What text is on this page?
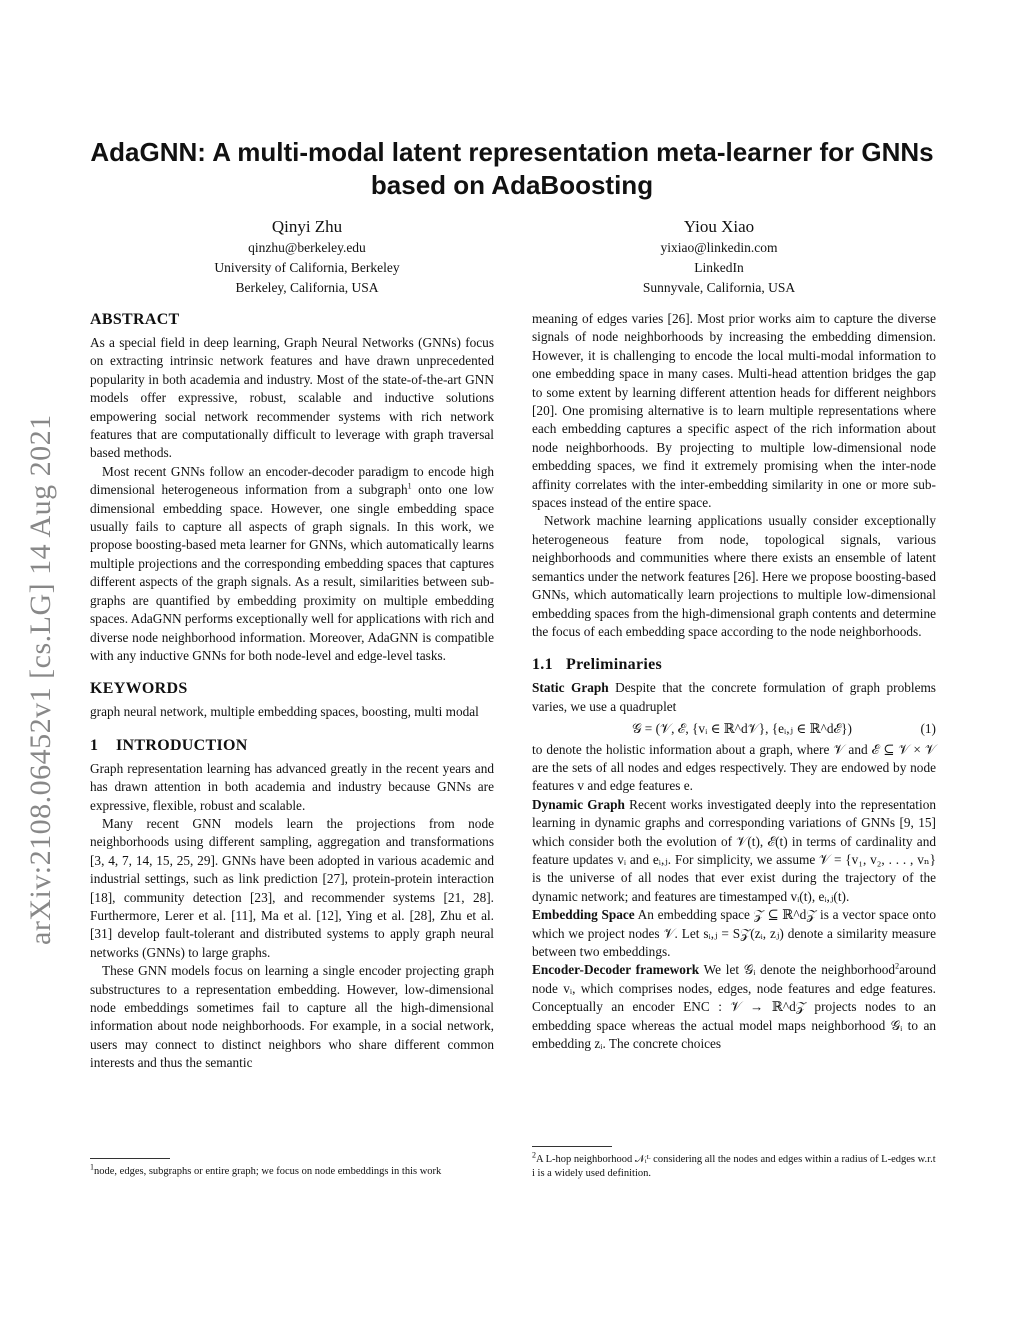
arXiv:2108.06452v1 [cs.LG] 14 Aug 2021
AdaGNN: A multi-modal latent representation meta-learner for GNNs based on AdaBoosting
Qinyi Zhu
qinzhu@berkeley.edu
University of California, Berkeley
Berkeley, California, USA
Yiou Xiao
yixiao@linkedin.com
LinkedIn
Sunnyvale, California, USA
ABSTRACT

As a special field in deep learning, Graph Neural Networks (GNNs) focus on extracting intrinsic network features and have drawn unprecedented popularity in both academia and industry. Most of the state-of-the-art GNN models offer expressive, robust, scalable and inductive solutions empowering social network recommender systems with rich network features that are computationally difficult to leverage with graph traversal based methods.

Most recent GNNs follow an encoder-decoder paradigm to encode high dimensional heterogeneous information from a subgraph$^1$ onto one low dimensional embedding space. However, one single embedding space usually fails to capture all aspects of graph signals. In this work, we propose boosting-based meta learner for GNNs, which automatically learns multiple projections and the corresponding embedding spaces that captures different aspects of the graph signals. As a result, similarities between sub-graphs are quantified by embedding proximity on multiple embedding spaces. AdaGNN performs exceptionally well for applications with rich and diverse node neighborhood information. Moreover, AdaGNN is compatible with any inductive GNNs for both node-level and edge-level tasks.

KEYWORDS

graph neural network, multiple embedding spaces, boosting, multi modal

1 INTRODUCTION

Graph representation learning has advanced greatly in the recent years and has drawn attention in both academia and industry because GNNs are expressive, flexible, robust and scalable.

Many recent GNN models learn the projections from node neighborhoods using different sampling, aggregation and transformations [3, 4, 7, 14, 15, 25, 29]. GNNs have been adopted in various academic and industrial settings, such as link prediction [27], protein-protein interaction [18], community detection [23], and recommender systems [21, 28]. Furthermore, Lerer et al. [11], Ma et al. [12], Ying et al. [28], Zhu et al. [31] develop fault-tolerant and distributed systems to apply graph neural networks (GNNs) to large graphs.

These GNN models focus on learning a single encoder projecting graph substructures to a representation embedding. However, low-dimensional node embeddings sometimes fail to capture all the high-dimensional information about node neighborhoods. For example, in a social network, users may connect to distinct neighbors who share different common interests and thus the semantic

meaning of edges varies [26]. Most prior works aim to capture the diverse signals of node neighborhoods by increasing the embedding dimension. However, it is challenging to encode the local multi-modal information to one embedding space in many cases. Multi-head attention bridges the gap to some extent by learning different attention heads for different neighbors [20]. One promising alternative is to learn multiple representations where each embedding captures a specific aspect of the rich information about node neighborhoods. By projecting to multiple low-dimensional node embedding spaces, we find it extremely promising when the inter-node affinity correlates with the inter-embedding similarity in one or more sub-spaces instead of the entire space.

Network machine learning applications usually consider exceptionally heterogeneous feature from node, topological signals, various neighborhoods and communities where there exists an ensemble of latent semantics under the network features [26]. Here we propose boosting-based GNNs, which automatically learn projections to multiple low-dimensional embedding spaces from the high-dimensional graph contents and determine the focus of each embedding space according to the node neighborhoods.

1.1 Preliminaries

Static Graph Despite that the concrete formulation of graph problems varies, we use a quadruplet

𝒢 = (𝒱, ℰ, {vᵢ ∈ ℝ^d𝒱}, {eᵢ,ⱼ ∈ ℝ^dℰ})	(1)

to denote the holistic information about a graph, where 𝒱 and ℰ ⊆ 𝒱 × 𝒱 are the sets of all nodes and edges respectively. They are endowed by node features v and edge features e.

Dynamic Graph Recent works investigated deeply into the representation learning in dynamic graphs and corresponding variations of GNNs [9, 15] which consider both the evolution of 𝒱(t), ℰ(t) in terms of cardinality and feature updates vᵢ and eᵢ,ⱼ. For simplicity, we assume 𝒱 = {v₁, v₂, . . . , vₙ} is the universe of all nodes that ever exist during the trajectory of the dynamic network; and features are timestamped vᵢ(t), eᵢ,ⱼ(t).

Embedding Space An embedding space 𝒵 ⊆ ℝ^d𝒵 is a vector space onto which we project nodes 𝒱. Let sᵢ,ⱼ = S𝒵(zᵢ, zⱼ) denote a similarity measure between two embeddings.

Encoder-Decoder framework We let 𝒢ᵢ denote the neighborhood$^2$around node vᵢ, which comprises nodes, edges, node features and edge features. Conceptually an encoder ENC : 𝒱 → ℝ^d𝒵 projects nodes to an embedding space whereas the actual model maps neighborhood 𝒢ᵢ to an embedding zᵢ. The concrete choices

$^1$node, edges, subgraphs or entire graph; we focus on node embeddings in this work
$^2$A L-hop neighborhood 𝒩ᵢᴸ considering all the nodes and edges within a radius of L-edges w.r.t i is a widely used definition.
